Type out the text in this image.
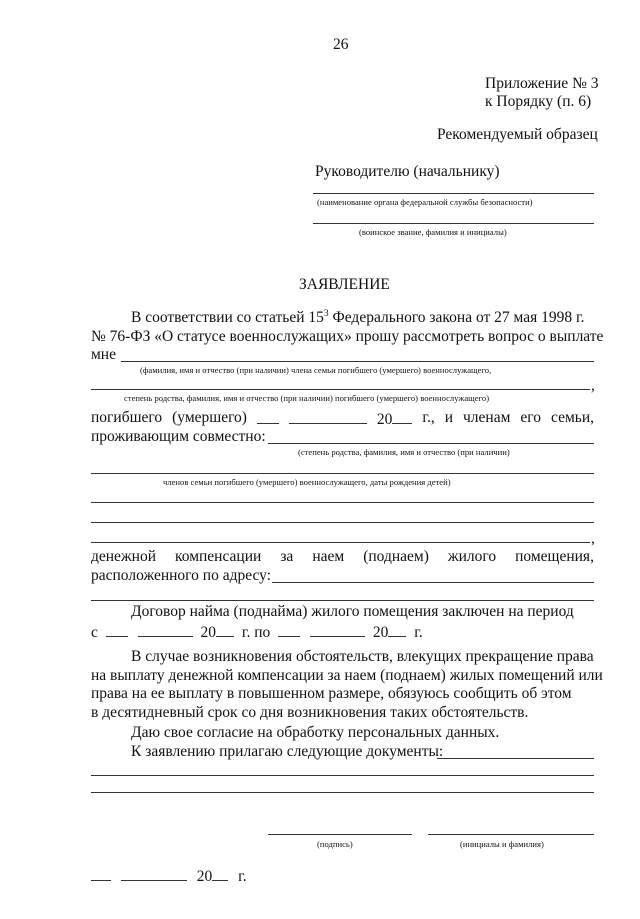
26
Приложение № 3
к Порядку (п. 6)
Рекомендуемый образец
Руководителю (начальнику)
(наименование органа федеральной службы безопасности)
(воинское звание, фамилия и инициалы)
ЗАЯВЛЕНИЕ
В соответствии со статьей $15^3$ Федерального закона от 27 мая 1998 г.
№ 76-ФЗ «О статусе военнослужащих» прошу рассмотреть вопрос о выплате
мне
(фамилия, имя и отчество (при наличии) члена семьи погибшего (умершего) военнослужащего,
,
степень родства, фамилия, имя и отчество (при наличии) погибшего (умершего) военнослужащего)
погибшего (умершего)	20	г., и членам его семьи,
проживающим совместно:
(степень родства, фамилия, имя и отчество (при наличии)
членов семьи погибшего (умершего) военнослужащего, даты рождения детей)
,
денежной компенсации за наем (поднаем) жилого помещения,
расположенного по адресу:
Договор найма (поднайма) жилого помещения заключен на период
с	20 г. по	20 г.
В случае возникновения обстоятельств, влекущих прекращение права
на выплату денежной компенсации за наем (поднаем) жилых помещений или
права на ее выплату в повышенном размере, обязуюсь сообщить об этом
в десятидневный срок со дня возникновения таких обстоятельств.
Даю свое согласие на обработку персональных данных.
К заявлению прилагаю следующие документы:
(подпись)	(инициалы и фамилия)
20 г.
